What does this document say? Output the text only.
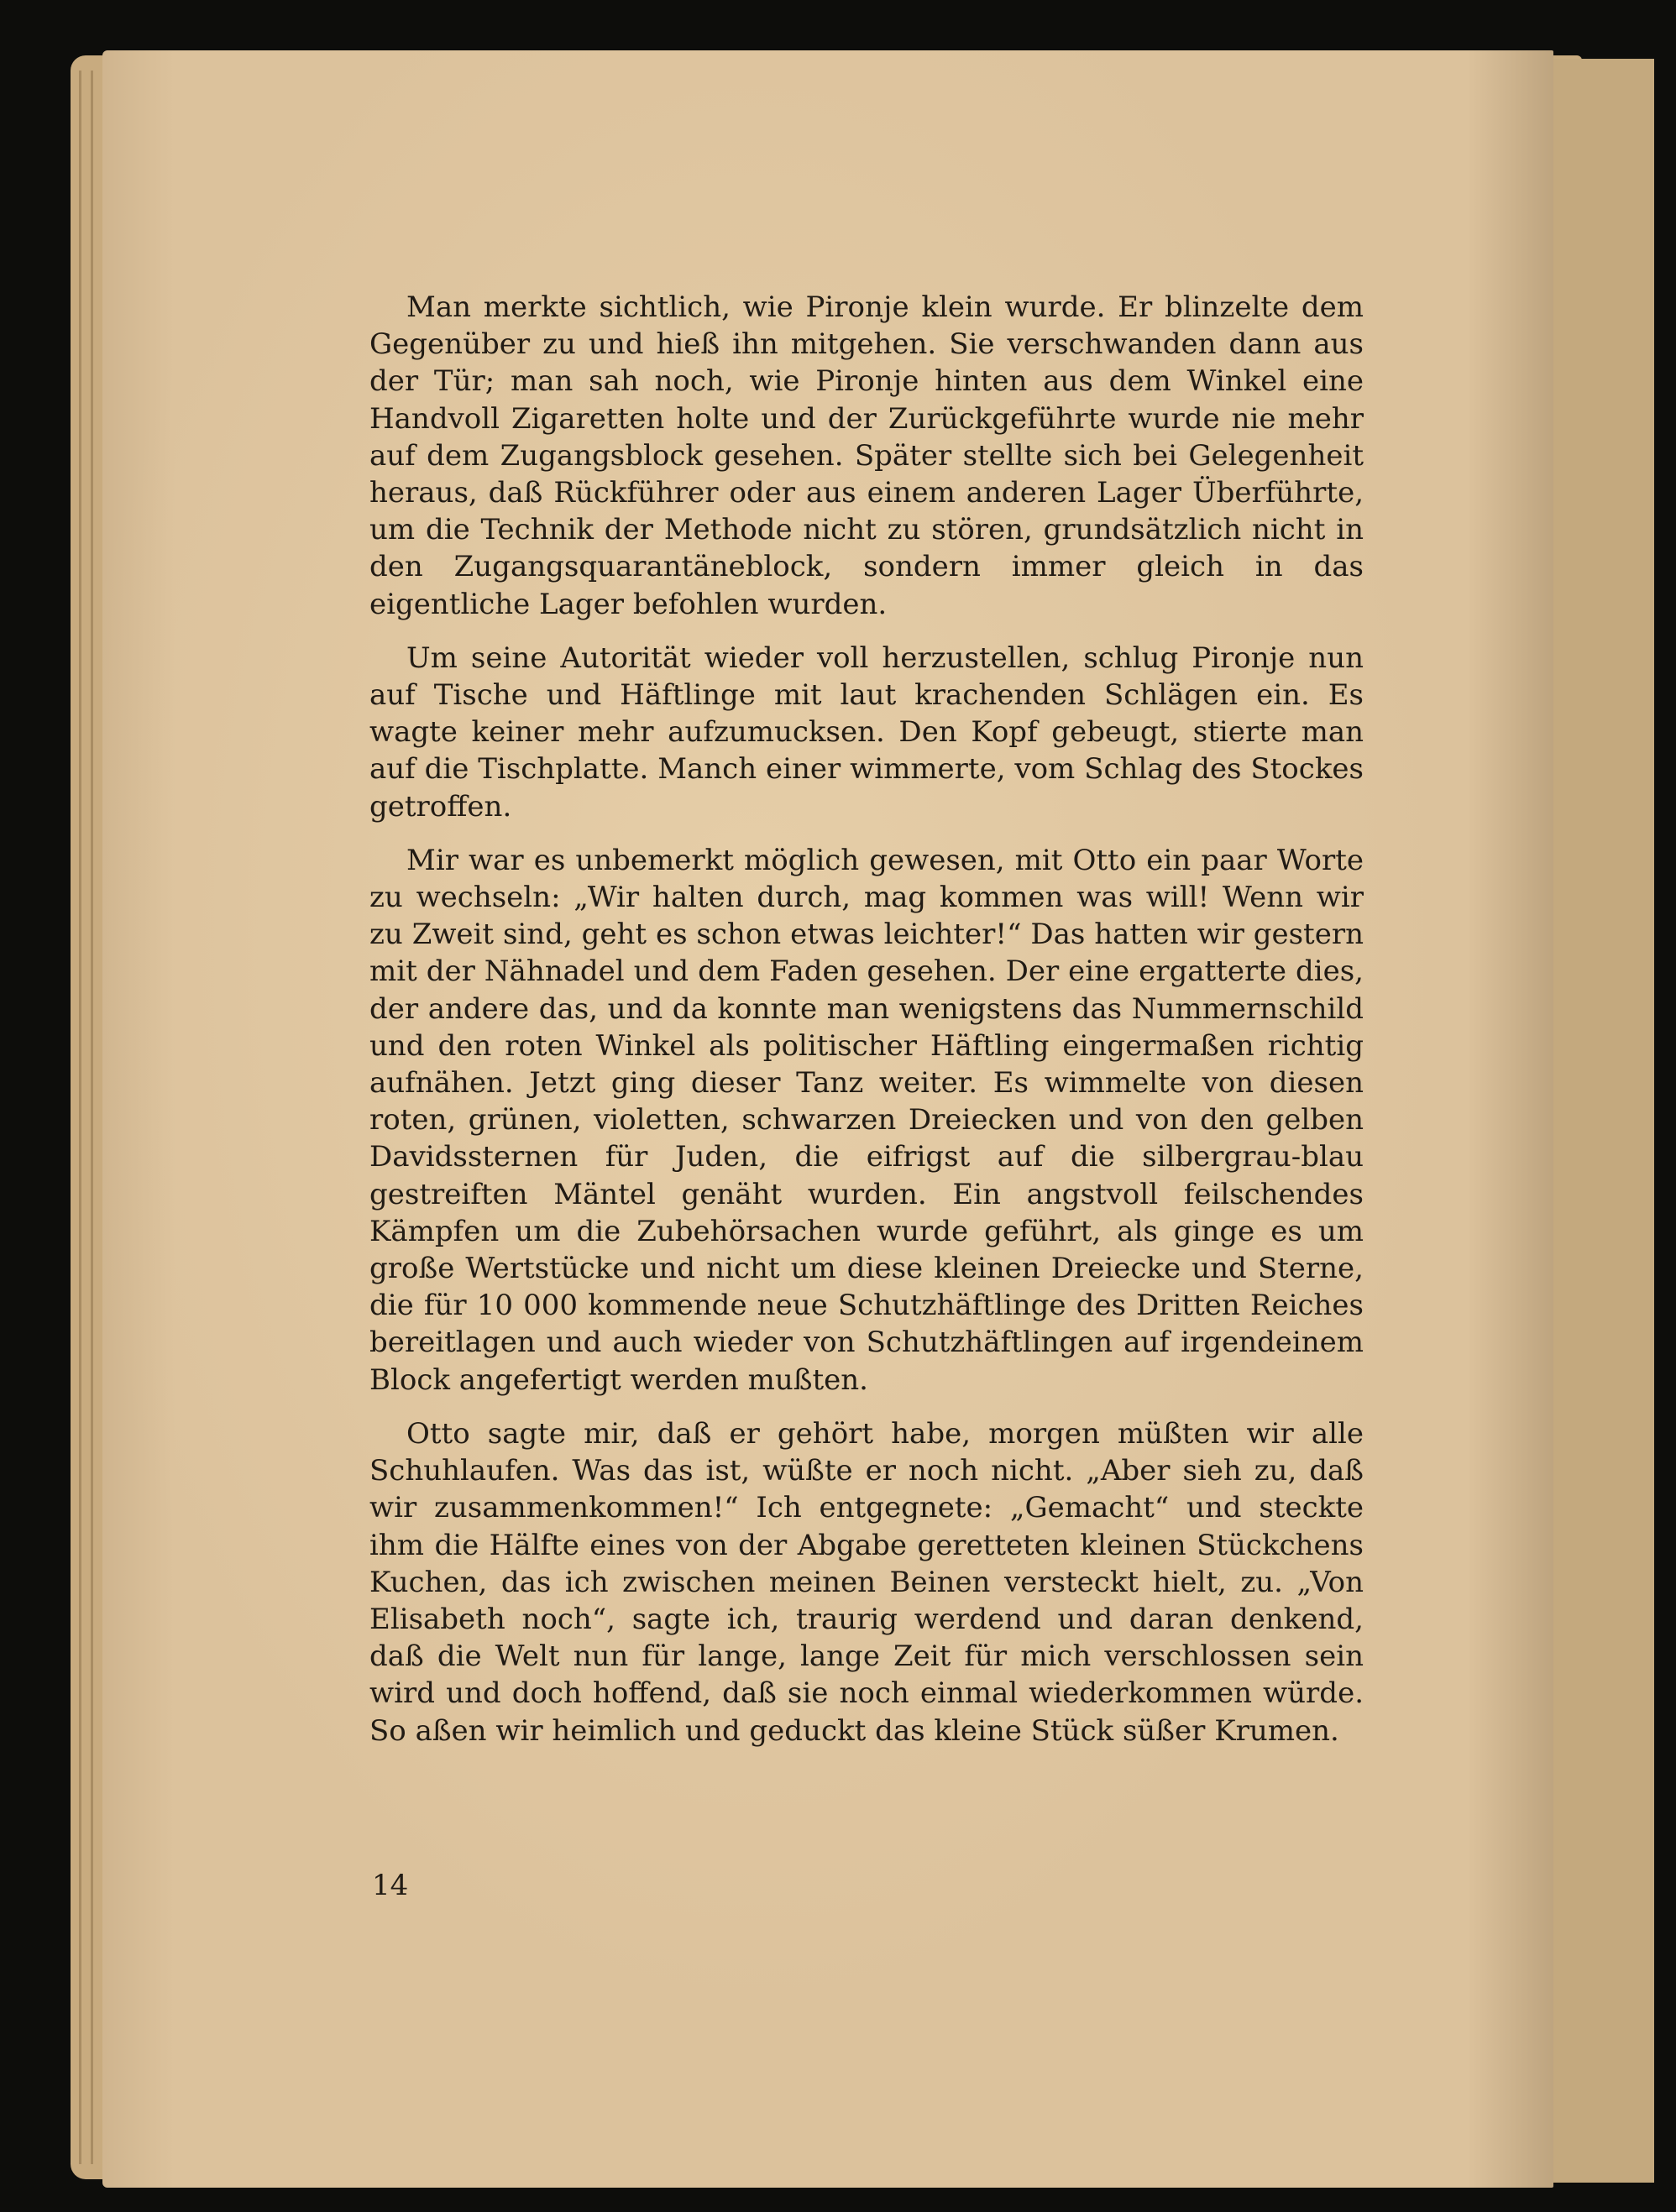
Man merkte sichtlich, wie Pironje klein wurde. Er blinzelte dem Gegenüber zu und hieß ihn mitgehen. Sie verschwanden dann aus der Tür; man sah noch, wie Pironje hinten aus dem Winkel eine Handvoll Zigaretten holte und der Zurückgeführte wurde nie mehr auf dem Zugangsblock gesehen. Später stellte sich bei Gelegenheit heraus, daß Rückführer oder aus einem anderen Lager Überführte, um die Technik der Methode nicht zu stören, grundsätzlich nicht in den Zugangsquarantäneblock, sondern immer gleich in das eigentliche Lager befohlen wurden.

Um seine Autorität wieder voll herzustellen, schlug Pironje nun auf Tische und Häftlinge mit laut krachenden Schlägen ein. Es wagte keiner mehr aufzumucksen. Den Kopf gebeugt, stierte man auf die Tischplatte. Manch einer wimmerte, vom Schlag des Stockes getroffen.

Mir war es unbemerkt möglich gewesen, mit Otto ein paar Worte zu wechseln: „Wir halten durch, mag kommen was will! Wenn wir zu Zweit sind, geht es schon etwas leichter!“ Das hatten wir gestern mit der Nähnadel und dem Faden gesehen. Der eine ergatterte dies, der andere das, und da konnte man wenigstens das Nummernschild und den roten Winkel als politischer Häftling eingermaßen richtig aufnähen. Jetzt ging dieser Tanz weiter. Es wimmelte von diesen roten, grünen, violetten, schwarzen Dreiecken und von den gelben Davidssternen für Juden, die eifrigst auf die silbergrau-blau gestreiften Mäntel genäht wurden. Ein angstvoll feilschendes Kämpfen um die Zubehörsachen wurde geführt, als ginge es um große Wertstücke und nicht um diese kleinen Dreiecke und Sterne, die für 10 000 kommende neue Schutzhäftlinge des Dritten Reiches bereitlagen und auch wieder von Schutzhäftlingen auf irgendeinem Block angefertigt werden mußten.

Otto sagte mir, daß er gehört habe, morgen müßten wir alle Schuhlaufen. Was das ist, wüßte er noch nicht. „Aber sieh zu, daß wir zusammenkommen!“ Ich entgegnete: „Gemacht“ und steckte ihm die Hälfte eines von der Abgabe geretteten kleinen Stückchens Kuchen, das ich zwischen meinen Beinen versteckt hielt, zu. „Von Elisabeth noch“, sagte ich, traurig werdend und daran denkend, daß die Welt nun für lange, lange Zeit für mich verschlossen sein wird und doch hoffend, daß sie noch einmal wiederkommen würde. So aßen wir heimlich und geduckt das kleine Stück süßer Krumen.

14
